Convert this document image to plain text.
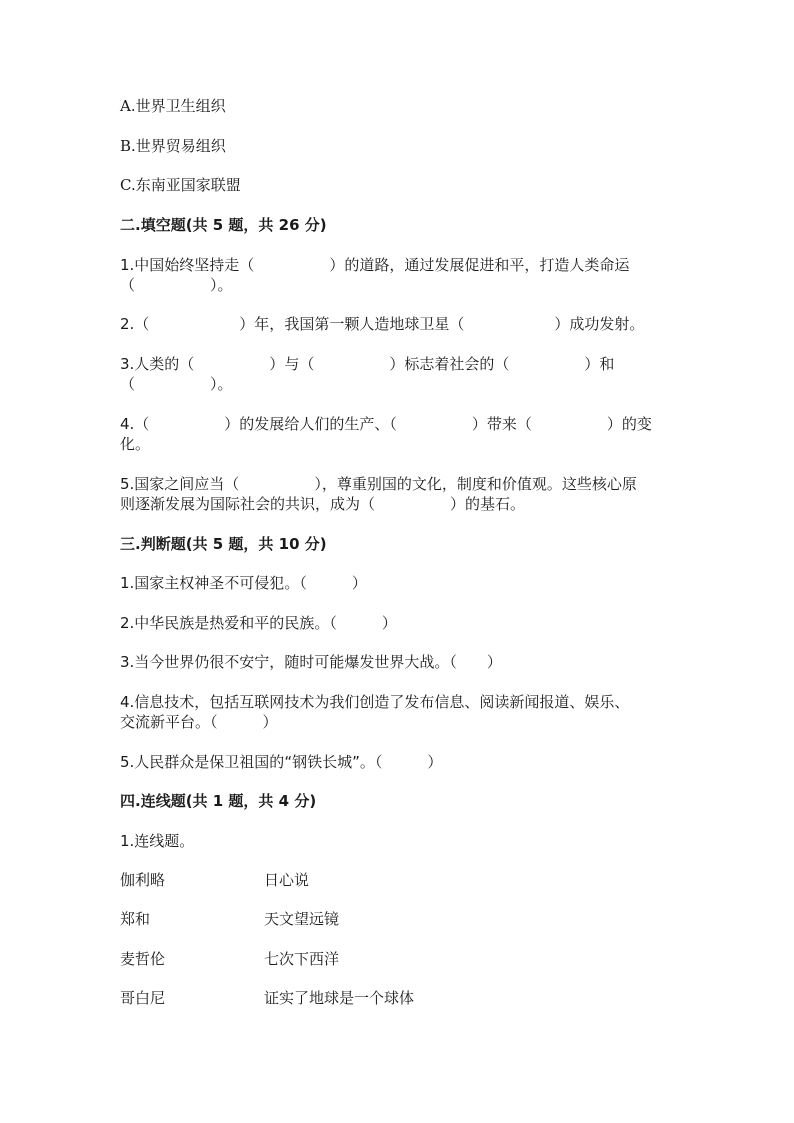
A.世界卫生组织
B.世界贸易组织
C.东南亚国家联盟
二.填空题(共 5 题，共 26 分)
1.中国始终坚持走（　　　　　）的道路，通过发展促进和平，打造人类命运
（　　　　　）。
2.（　　　　　　）年，我国第一颗人造地球卫星（　　　　　　）成功发射。
3.人类的（　　　　　）与（　　　　　）标志着社会的（　　　　　）和
（　　　　　）。
4.（　　　　　）的发展给人们的生产、（　　　　　）带来（　　　　　）的变
化。
5.国家之间应当（　　　　　），尊重别国的文化，制度和价值观。这些核心原
则逐渐发展为国际社会的共识，成为（　　　　　）的基石。
三.判断题(共 5 题，共 10 分)
1.国家主权神圣不可侵犯。（　　　）
2.中华民族是热爱和平的民族。（　　　）
3.当今世界仍很不安宁，随时可能爆发世界大战。（　　）
4.信息技术，包括互联网技术为我们创造了发布信息、阅读新闻报道、娱乐、
交流新平台。（　　　）
5.人民群众是保卫祖国的“钢铁长城”。（　　　）
四.连线题(共 1 题，共 4 分)
1.连线题。
伽利略	日心说
郑和	天文望远镜
麦哲伦	七次下西洋
哥白尼	证实了地球是一个球体
